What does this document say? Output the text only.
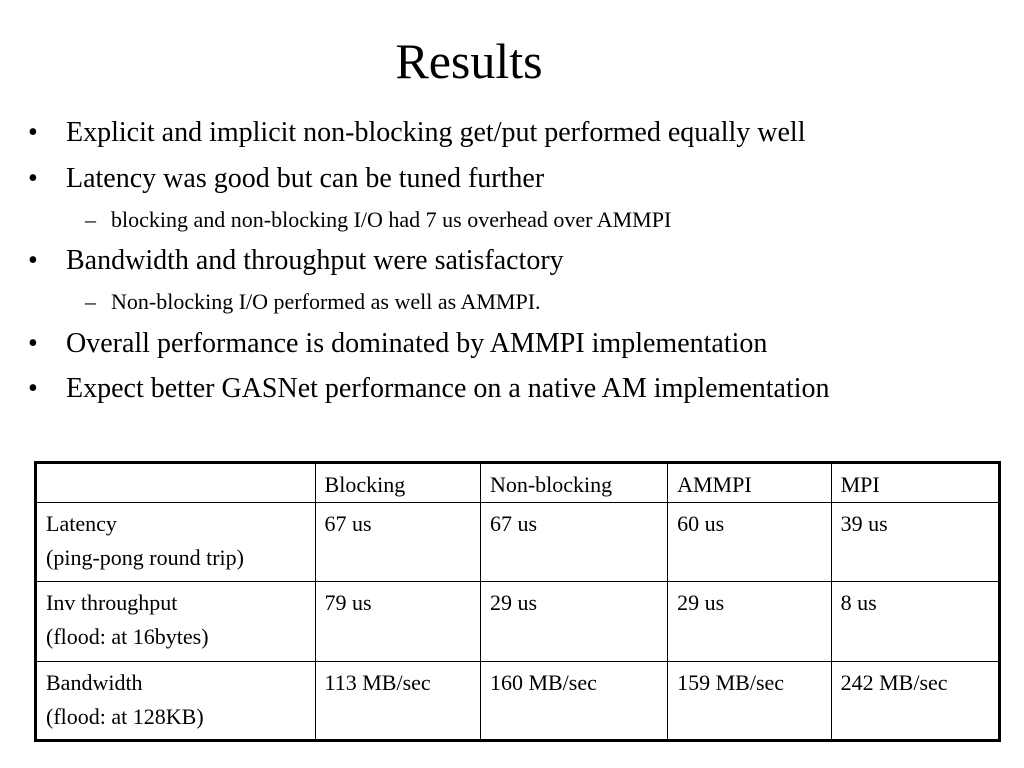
Results
• Explicit and implicit non-blocking get/put performed equally well
• Latency was good but can be tuned further
– blocking and non-blocking I/O had 7 us overhead over AMMPI
• Bandwidth and throughput were satisfactory
– Non-blocking I/O performed as well as AMMPI.
• Overall performance is dominated by AMMPI implementation
• Expect better GASNet performance on a native AM implementation
	Blocking	Non-blocking	AMMPI	MPI

Latency
(ping-pong round trip)	67 us	67 us	60 us	39 us

Inv throughput
(flood: at 16bytes)	79 us	29 us	29 us	8 us

Bandwidth
(flood: at 128KB)	113 MB/sec	160 MB/sec	159 MB/sec	242 MB/sec
